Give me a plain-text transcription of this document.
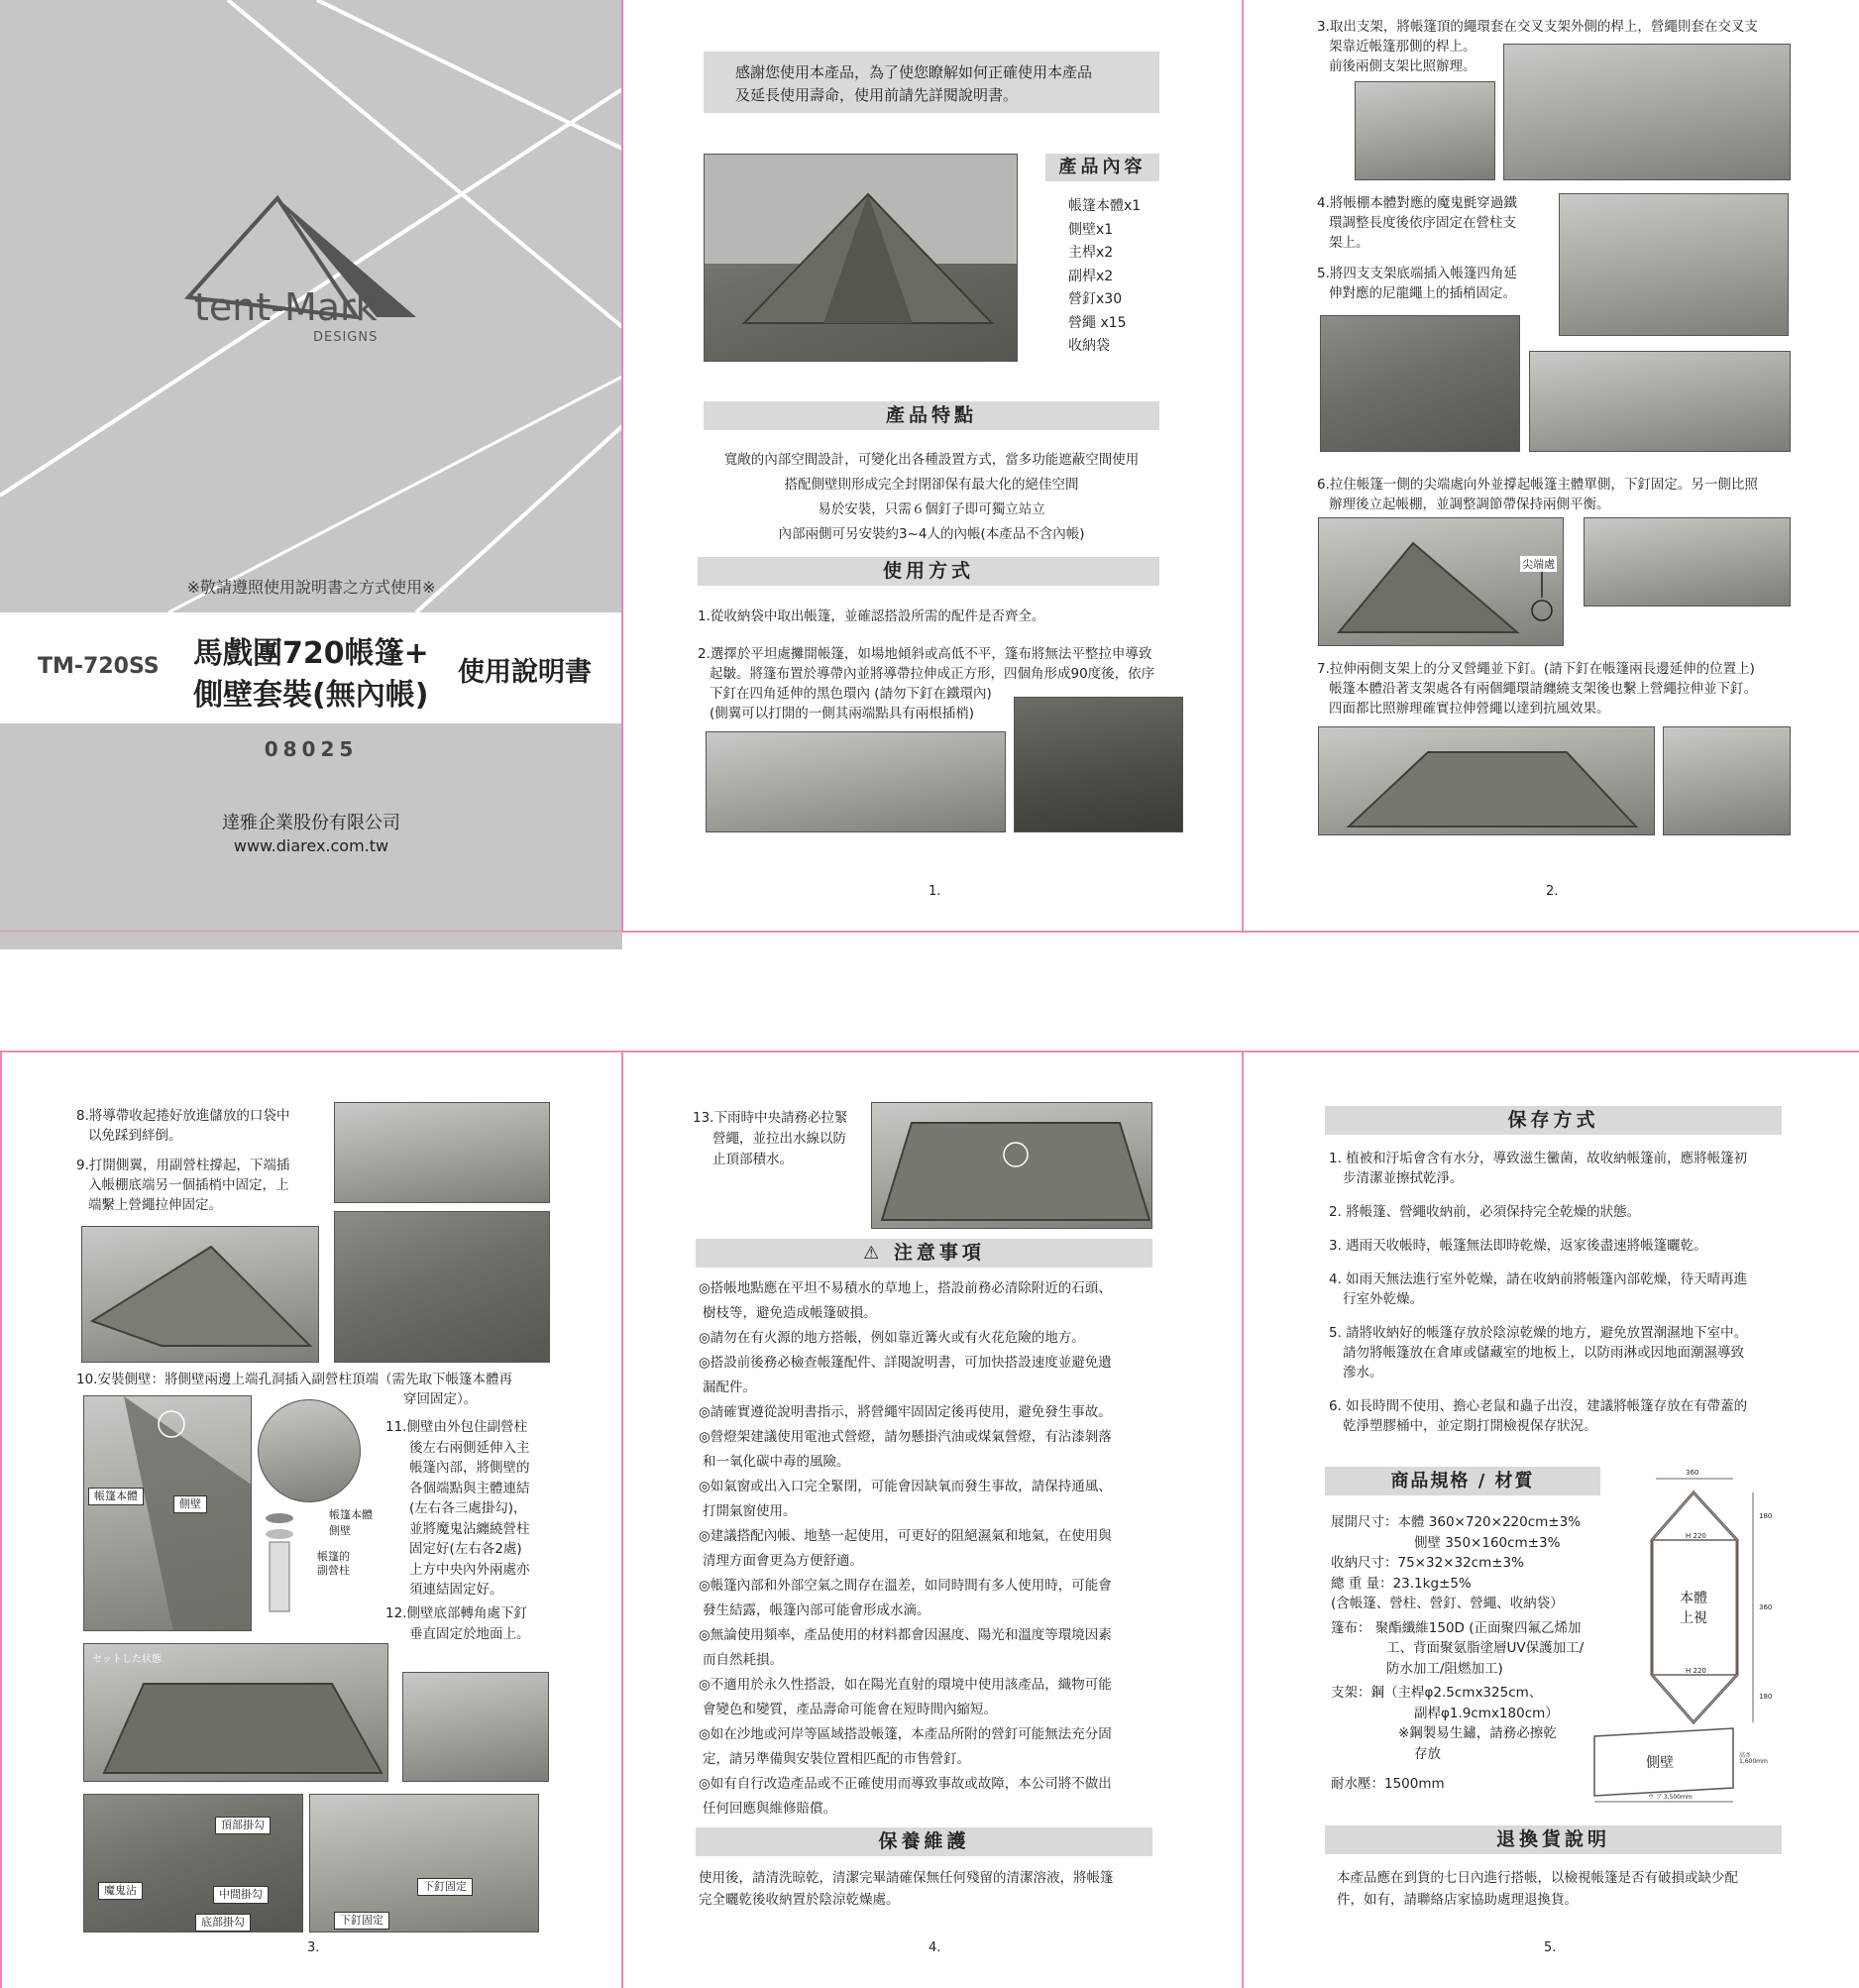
tent-Mark
DESIGNS
※敬請遵照使用說明書之方式使用※
TM-720SS 馬戲團720帳篷+
側壁套裝(無內帳)
使用說明書
08025
達雅企業股份有限公司
www.diarex.com.tw
感謝您使用本產品，為了使您瞭解如何正確使用本產品
及延長使用壽命，使用前請先詳閱說明書。
產品內容
帳篷本體x1
側壁x1
主桿x2
副桿x2
營釘x30
營繩 x15
收納袋
產品特點
寬敞的內部空間設計，可變化出各種設置方式，當多功能遮蔽空間使用
搭配側壁則形成完全封閉卻保有最大化的絕佳空間
易於安裝，只需６個釘子即可獨立站立
內部兩側可另安裝約3~4人的內帳(本產品不含內帳)
使用方式
1.從收納袋中取出帳篷，並確認搭設所需的配件是否齊全。
2.選擇於平坦處攤開帳篷，如場地傾斜或高低不平，篷布將無法平整拉申導致
起皺。將篷布置於導帶內並將導帶拉伸成正方形，四個角形成90度後，依序
下釘在四角延伸的黑色環內 (請勿下釘在鐵環內)
(側翼可以打開的一側其兩端點具有兩根插梢)
1.
3.取出支架，將帳篷頂的繩環套在交叉支架外側的桿上，營繩則套在交叉支
架靠近帳篷那側的桿上。
前後兩側支架比照辦理。
4.將帳棚本體對應的魔鬼氈穿過鐵
環調整長度後依序固定在營柱支
架上。
5.將四支支架底端插入帳篷四角延
伸對應的尼龍繩上的插梢固定。
6.拉住帳篷一側的尖端處向外並撐起帳篷主體單側，下釘固定。另一側比照
辦理後立起帳棚，並調整調節帶保持兩側平衡。
尖端處
7.拉伸兩側支架上的分叉營繩並下釘。(請下釘在帳篷兩長邊延伸的位置上)
帳篷本體沿著支架處各有兩個繩環請纏繞支架後也繫上營繩拉伸並下釘。
四面都比照辦理確實拉伸營繩以達到抗風效果。
2.
8.將導帶收起捲好放進儲放的口袋中
以免踩到絆倒。
9.打開側翼，用副營柱撐起，下端插
入帳棚底端另一個插梢中固定，上
端繫上營繩拉伸固定。
10.安裝側壁：將側壁兩邊上端孔洞插入副營柱頂端（需先取下帳篷本體再
穿回固定）。
帳篷本體
側壁
帳篷本體
側壁
帳篷的
副營柱
11.側壁由外包住副營柱
後左右兩側延伸入主
帳篷內部，將側壁的
各個端點與主體連結
(左右各三處掛勾)，
並將魔鬼沾纏繞營柱
固定好(左右各2處)
上方中央內外兩處亦
須連結固定好。
12.側壁底部轉角處下釘
垂直固定於地面上。
セットした状態
頂部掛勾
魔鬼沾	中間掛勾
底部掛勾
下釘固定
下釘固定
3.
13.下雨時中央請務必拉緊
營繩，並拉出水線以防
止頂部積水。
⚠ 注意事項
◎搭帳地點應在平坦不易積水的草地上，搭設前務必清除附近的石頭、
樹枝等，避免造成帳篷破損。
◎請勿在有火源的地方搭帳，例如靠近篝火或有火花危險的地方。
◎搭設前後務必檢查帳篷配件、詳閱說明書，可加快搭設速度並避免遺
漏配件。
◎請確實遵從說明書指示，將營繩牢固固定後再使用，避免發生事故。
◎營燈架建議使用電池式營燈，請勿懸掛汽油或煤氣營燈，有沾漆剝落
和一氧化碳中毒的風險。
◎如氣窗或出入口完全緊閉，可能會因缺氧而發生事故，請保持通風、
打開氣窗使用。
◎建議搭配內帳、地墊一起使用，可更好的阻絕濕氣和地氣，在使用與
清理方面會更為方便舒適。
◎帳篷內部和外部空氣之間存在溫差，如同時間有多人使用時，可能會
發生結露，帳篷內部可能會形成水滴。
◎無論使用頻率，產品使用的材料都會因濕度、陽光和溫度等環境因素
而自然耗損。
◎不適用於永久性搭設，如在陽光直射的環境中使用該產品，織物可能
會變色和變質，產品壽命可能會在短時間內縮短。
◎如在沙地或河岸等區域搭設帳篷，本產品所附的營釘可能無法充分固
定，請另準備與安裝位置相匹配的市售營釘。
◎如有自行改造產品或不正確使用而導致事故或故障，本公司將不做出
任何回應與維修賠償。
保養維護
使用後，請清洗晾乾，清潔完畢請確保無任何殘留的清潔溶液，將帳篷
完全曬乾後收納置於陰涼乾燥處。
4.
保存方式
1. 植被和汙垢會含有水分，導致滋生黴菌，故收納帳篷前，應將帳篷初
步清潔並擦拭乾淨。
2. 將帳篷、營繩收納前，必須保持完全乾燥的狀態。
3. 遇雨天收帳時，帳篷無法即時乾燥，返家後盡速將帳篷曬乾。
4. 如雨天無法進行室外乾燥，請在收納前將帳篷內部乾燥，待天晴再進
行室外乾燥。
5. 請將收納好的帳篷存放於陰涼乾燥的地方，避免放置潮濕地下室中。
請勿將帳篷放在倉庫或儲藏室的地板上，以防雨淋或因地面潮濕導致
滲水。
6. 如長時間不使用、擔心老鼠和蟲子出沒，建議將帳篷存放在有帶蓋的
乾淨塑膠桶中，並定期打開檢視保存狀況。
商品規格 / 材質
展開尺寸：本體 360×720×220cm±3%
側壁 350×160cm±3%
收納尺寸：75×32×32cm±3%
總 重 量：23.1kg±5%
(含帳篷、營柱、營釘、營繩、收納袋）
篷布： 聚酯纖維150D (正面聚四氟乙烯加
工、背面聚氨脂塗層UV保護加工/
防水加工/阻燃加工)
支架：鋼（主桿φ2.5cmx325cm、
副桿φ1.9cmx180cm）
※鋼製易生鏽，請務必擦乾
存放
耐水壓：1500mm
360
H 220
本體
上視
H 220
180
360
180
側壁	高さ
1,600mm
ウ ブ 3,500mm
退換貨說明
本產品應在到貨的七日內進行搭帳，以檢視帳篷是否有破損或缺少配
件，如有，請聯絡店家協助處理退換貨。
5.
